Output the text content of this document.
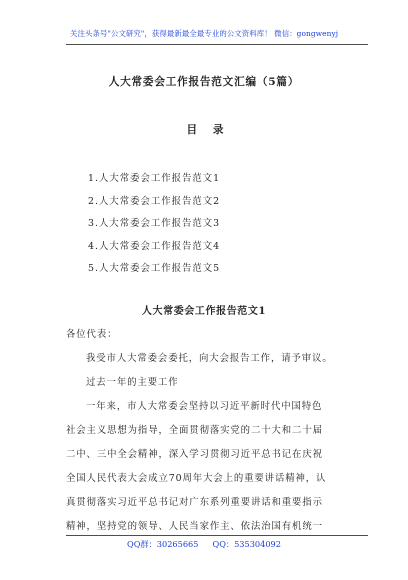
关注头条号"公文研究"，获得最新最全最专业的公文资料库！ 微信：gongwenyj
人大常委会工作报告范文汇编（5篇）
目 录
1.人大常委会工作报告范文1
2.人大常委会工作报告范文2
3.人大常委会工作报告范文3
4.人大常委会工作报告范文4
5.人大常委会工作报告范文5
人大常委会工作报告范文1
各位代表：
我受市人大常委会委托，向大会报告工作，请予审议。
过去一年的主要工作
一年来，市人大常委会坚持以习近平新时代中国特色
社会主义思想为指导，全面贯彻落实党的二十大和二十届
二中、三中全会精神，深入学习贯彻习近平总书记在庆祝
全国人民代表大会成立70周年大会上的重要讲话精神，认
真贯彻落实习近平总书记对广东系列重要讲话和重要指示
精神，坚持党的领导、人民当家作主、依法治国有机统一
QQ群：30265665 QQ：535304092
